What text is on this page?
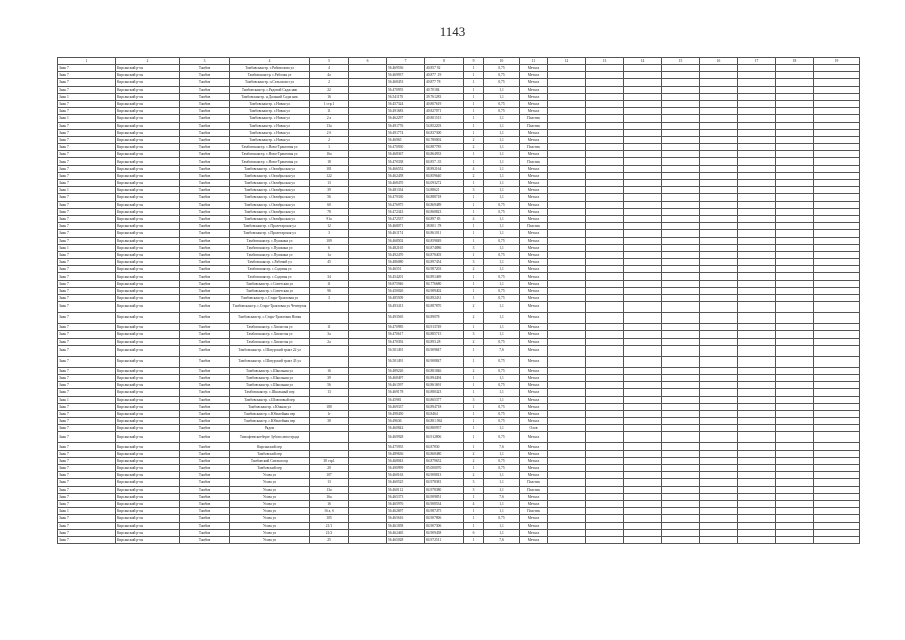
1143
1	2	3	4	5	6	7	8	9	10	11	12	13	14	15	16	17	18	19
Знак 7	Кирсанский р-он	Тамбов	Тамбовскаястр. с.Рябоволова ул	4		56.469536	40.857 92	1	0,75	Металл								
Знак 7	Кирсанский р-он	Тамбов	Тамбовскаястр. с.Рабочая ул	4а		56.469937	40.877 .19	1	0,75	Металл								
Знак 7	Кирсанский р-он	Тамбов	Тамбовскаястр. п.Сельскохоз ул	2		56.468453	40.877 78	1	0,75	Металл								
Знак 7	Кирсанский р-он	Тамбов	Тамбовскаястр. с.Рядовой Садж ник	22		56.470955	40.70184	1	1,1	Металл								
Знак 1	Кирсанский р-он	Тамбов	Тамбовскаястр. н.Дальний Садж ник	16		56.541170	39.761283	1	1,1	Металл								
Знак 7	Кирсанский р-он	Тамбов	Тамбовскаястр. с.Новая ул	1 стр.1		56.457324	40.807619	1	0,75	Металл								
Знак 7	Кирсанский р-он	Тамбов	Тамбовскаястр. с.Новая ул	11		56.491683	40.827071	1	0,75	Металл								
Знак 1	Кирсанский р-он	Тамбов	Тамбовскаястр. с.Новая ул	2 а		56.462297	40.801515	1	1,1	Пластик								
Знак 7	Кирсанский р-он	Тамбов	Тамбовскаястр. с.Новая ул	13а		56.491776	54.852203	1	1,1	Пластик								
Знак 7	Кирсанский р-он	Тамбов	Тамбовскаястр. с.Новая ул	2 б		56.491774	84.837300	1	1,1	Металл								
Знак 7	Кирсанский р-он	Тамбов	Тамбовскаястр. с.Новая ул	2		56.46965	84.780002	2	1,1	Металл								
Знак 7	Кирсанский р-он	Тамбов	Тамбовскаястр. с.Ново-Трактовая ул	1		56.470930	84.887785	2	1,1	Пластик								
Знак 7	Кирсанский р-он	Тамбов	Тамбовскаястр. с.Ново-Трактовая ул	16а		56.468367	84.864933	1	1,1	Металл								
Знак 7	Кирсанский р-он	Тамбов	Тамбовскаястр. с.Ново-Трактовая ул	18		56.470338	84.857..35	1	1,1	Пластик								
Знак 7	Кирсанский р-он	Тамбов	Тамбовскаястр. с.Октябрьская ул	101		56.466552	38.892164	4	1,1	Металл								
Знак 7	Кирсанский р-он	Тамбов	Тамбовскаястр. с.Октябрьская ул	122		56.462458	84.859640	2	1,1	Металл								
Знак 7	Кирсанский р-он	Тамбов	Тамбовскаястр. с.Октябрьская ул	13		56.468470	84.093272	1	1,1	Металл								
Знак 1	Кирсанский р-он	Тамбов	Тамбовскаястр. с.Октябрьская ул	39		56.481334	54.88621	3	1,1	Металл								
Знак 7	Кирсанский р-он	Тамбов	Тамбовскаястр. с.Октябрьская ул	56		56.479330	84.888718	1	1,1	Металл								
Знак 7	Кирсанский р-он	Тамбов	Тамбовскаястр. с.Октябрьская ул	60		56.476975	84.869489	1	0,75	Металл								
Знак 7	Кирсанский р-он	Тамбов	Тамбовскаястр. с.Октябрьская ул	78		56.472343	84.868823	1	0,75	Металл								
Знак 7	Кирсанский р-он	Тамбов	Тамбовскаястр. с.Октябрьская ул	91а		56.472537	84.897 83	4	1,1	Металл								
Знак 7	Кирсанский р-он	Тамбов	Тамбовскаястр. с.Пролетарская ул	12		56.468071	38.801 .78	1	1,1	Пластик								
Знак 7	Кирсанский р-он	Тамбов	Тамбовскаястр. с.Пролетарская ул	3		56.461174	84.861011	1	1,1	Металл								
Знак 7	Кирсанский р-он	Тамбов	Тамбовскаястр. с.Пушкина ул	109		56.468502	84.859849	1	0,75	Металл								
Знак 1	Кирсанский р-он	Тамбов	Тамбовскаястр. с.Пушкина ул	6		56.482165	84.874886	3	1,1	Металл								
Знак 7	Кирсанский р-он	Тамбов	Тамбовскаястр. с.Пушкина ул	1а		56.492470	84.878403	1	0,75	Металл								
Знак 7	Кирсанский р-он	Тамбов	Тамбовскаястр. с.Рабочий ул	45		56.486080	84.897454	3	1,1	Металл								
Знак 7	Кирсанский р-он	Тамбов	Тамбовскаястр. с.Садовая ул			56.46551	84.987203	2	1,1	Металл								
Знак 7	Кирсанский р-он	Тамбов	Тамбовскаястр. с.Садовая ул	34		56.454201	84.891469	1	0,75	Металл								
Знак 7	Кирсанский р-он	Тамбов	Тамбовскаястр. с.Советская ул	11		56.875946	84.776680	1	1,1	Металл								
Знак 7	Кирсанский р-он	Тамбов	Тамбовскаястр. с.Советская ул	96		56.450026	84.989402	1	0,75	Металл								
Знак 7	Кирсанский р-он	Тамбов	Тамбовскаястр. с.Старо-Трактовая ул	3		56.485509	84.892431	1	0,75	Металл								
Знак 7	Кирсанский р-он	Тамбов	Тамбовскаястр. с.Старо-Трактовая ул Четвертая			56.493413	84.887870	2	1,1	Металл								
Знак 7	Кирсанский р-он	Тамбов	Тамбовскаястр. с.Старо-Трактовая Новая			56.493565	84.89078	2	1,1	Металл								
Знак 7	Кирсанский р-он	Тамбов	Тамбовскаястр. с.Хвоистая ул	11		56.470985	84.913749	1	1,1	Металл								
Знак 7	Кирсанский р-он	Тамбов	Тамбовскаястр. с.Хвоистая ул	3а		56.470617	84.885715	3	1,1	Металл								
Знак 7	Кирсанский р-он	Тамбов	Тамбовскаястр. с.Хвоистая ул	2а		56.470392	84.893.28	2	0,75	Металл								
Знак 7	Кирсанский р-он	Тамбов	Тамбовскаястр. с.Шатурский тракт 22 ул			56.501491	84.909847	1	7,6	Металл								
Знак 7	Кирсанский р-он	Тамбов	Тамбовскаястр. с.Шатурский тракт 43 ул			56.501491	84.908847	1	0,75	Металл								
Знак 7	Кирсанский р-он	Тамбов	Тамбовскаястр. с.Школьная ул	16		56.489226	84.881846	2	0,75	Металл								
Знак 7	Кирсанский р-он	Тамбов	Тамбовскаястр. с.Школьная ул	39		56.468497	84.894494	1	1,1	Металл								
Знак 7	Кирсанский р-он	Тамбов	Тамбовскаястр. с.Школьная ул	56		56.461597	84.861691	1	0,75	Металл								
Знак 7	Кирсанский р-он	Тамбов	Тамбовскаястр. с.Школьный пер	13		56.469178	84.880423	1	1,1	Металл								
Знак 1	Кирсанский р-он	Тамбов	Тамбовскаястр. с.Шлюзовый пер			56.45981	84.865377	3	1,1	Металл								
Знак 7	Кирсанский р-он	Тамбов	Тамбовскаястр. с.Южная ул	180		56.469337	84.894718	1	0,75	Металл								
Знак 7	Кирсанский р-он	Тамбов	Тамбовскаястр. с.Юбилейная пер	1г		56.498450	84.8464	1	0,75	Металл								
Знак 7	Кирсанский р-он	Тамбов	Тамбовскаястр. с.Юбилейная пер	38		56.49636	84.801.962	1	0,75	Металл								
Знак 7	Кирсанский р-он	Тамбов	Рядом			56.460842	84.880957	1	1,1	Олов								
Знак 7	Кирсанский р-он	Тамбов	Тимофеевскоеберег Зубово автострада			56.469928	84.912806	1	0,75	Металл								
Знак 7	Кирсанский р-он	Тамбов	Кирсанский пер			56.475935	84.87830	1	7,6	Металл								
Знак 7	Кирсанский р-он	Тамбов	Тамбовский пер			56.489636	84.868480	2	1,1	Металл								
Знак 7	Кирсанский р-он	Тамбов	Тамбовский Смелкоп пр	38 стр1		56.468043	84.879652	2	0,75	Металл								
Знак 7	Кирсанский р-он	Тамбов	Тамбовский пер	20		56.490999	85.000070	1	0,75	Металл								
Знак 7	Кирсанский р-он	Тамбов	Усова ул	107		56.460163	84.908813	2	1,1	Металл								
Знак 7	Кирсанский р-он	Тамбов	Усова ул	13		56.460525	84.978381	3	1,1	Пластик								
Знак 7	Кирсанский р-он	Тамбов	Усова ул	13а		56.460112	84.978380	3	1,1	Пластик								
Знак 7	Кирсанский р-он	Тамбов	Усова ул	16а		56.465373	84.909851	1	7,6	Металл								
Знак 7	Кирсанский р-он	Тамбов	Усова ул	16		56.465976	84.908534	4	1,1	Металл								
Знак 1	Кирсанский р-он	Тамбов	Усова ул	16 а, б		56.462697	84.987475	1	1,1	Пластик								
Знак 7	Кирсанский р-он	Тамбов	Усова ул	105		56.465616	84.907806	1	0,75	Металл								
Знак 7	Кирсанский р-он	Тамбов	Усова ул	21/1		56.461058	84.907306	1	1,1	Металл								
Знак 7	Кирсанский р-он	Тамбов	Усова ул	21/2		56.462465	84.909458	6	1,1	Металл								
Знак 7	Кирсанский р-он	Тамбов	Усова ул	25		56.465028	84.972511	1	7,6	Металл								
